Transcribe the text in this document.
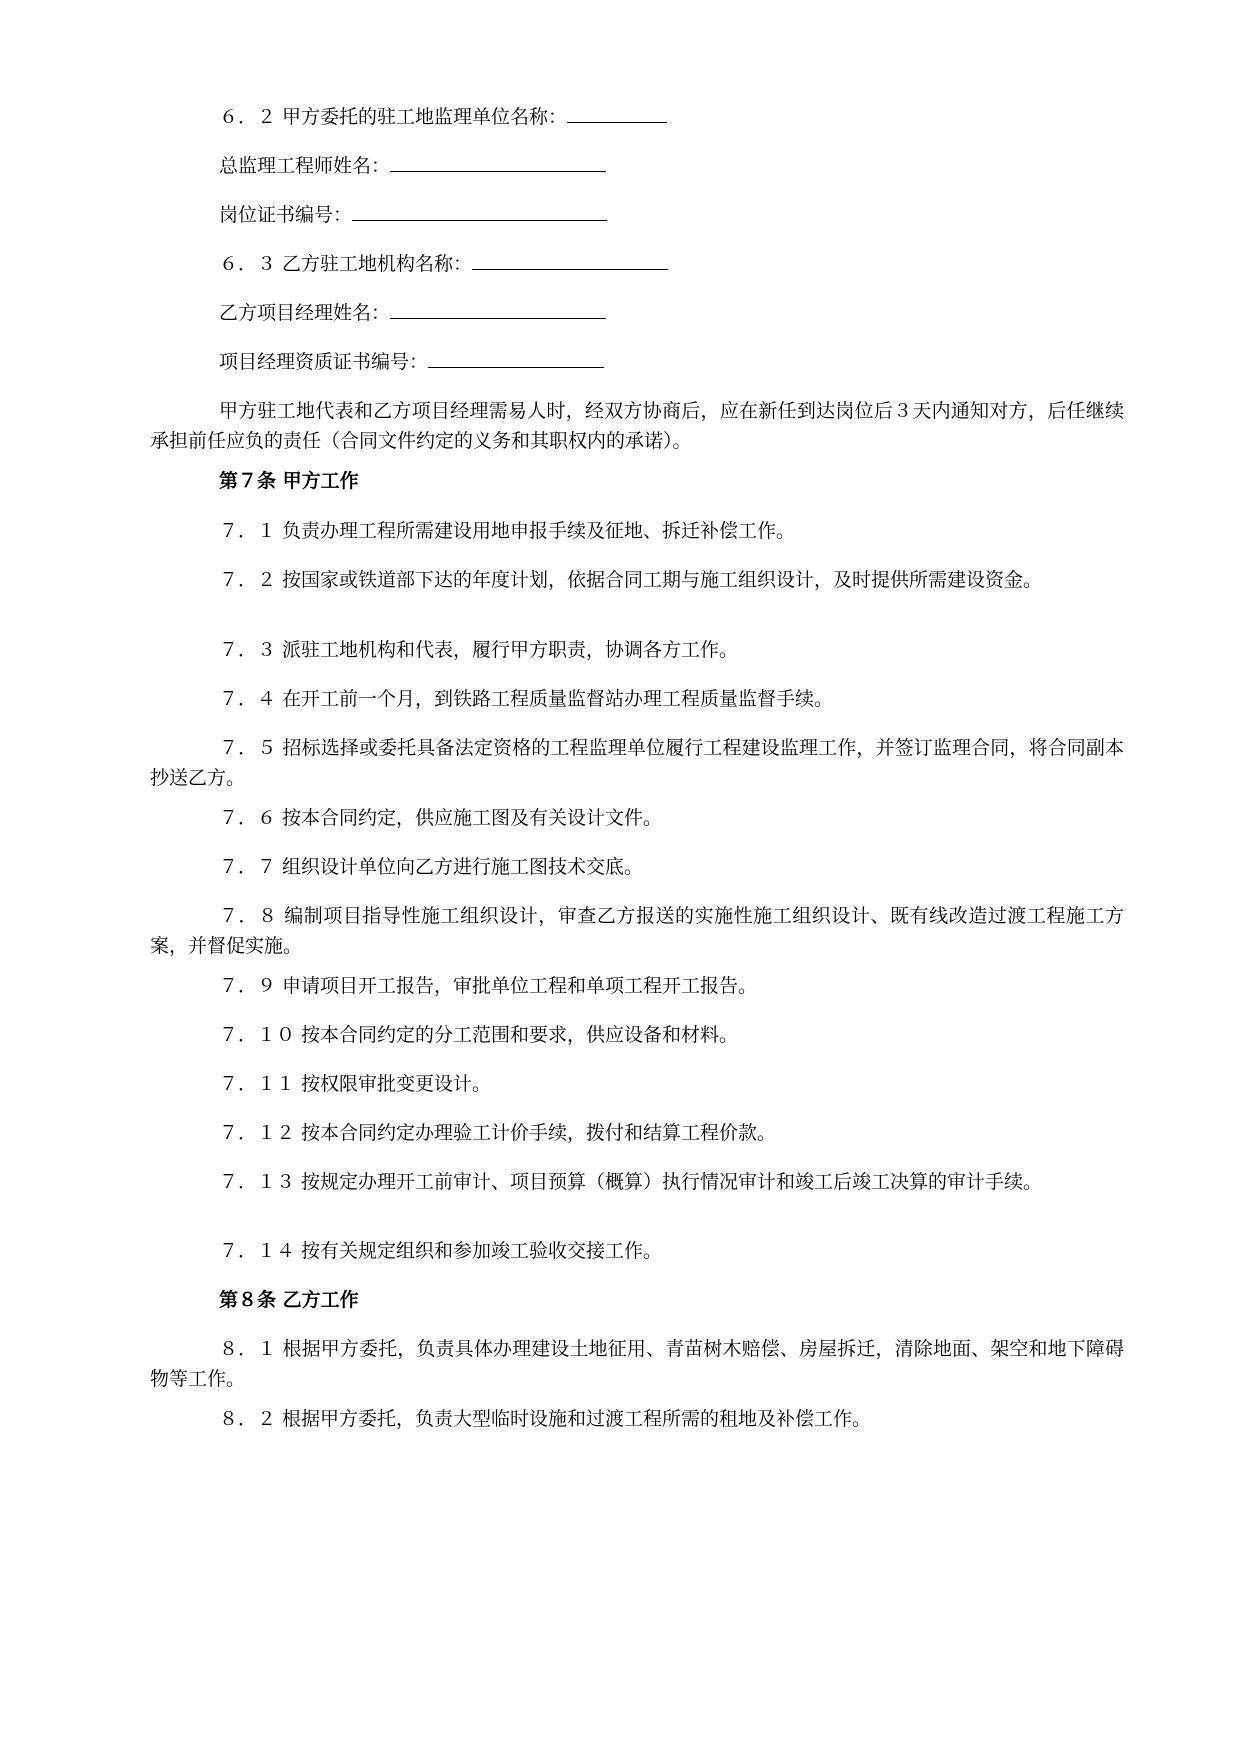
６．２ 甲方委托的驻工地监理单位名称：
总监理工程师姓名：
岗位证书编号：
６．３ 乙方驻工地机构名称：
乙方项目经理姓名：
项目经理资质证书编号：
甲方驻工地代表和乙方项目经理需易人时，经双方协商后，应在新任到达岗位后３天内通知对方，后任继续承担前任应负的责任（合同文件约定的义务和其职权内的承诺）。
第７条 甲方工作
７．１ 负责办理工程所需建设用地申报手续及征地、拆迁补偿工作。
７．２ 按国家或铁道部下达的年度计划，依据合同工期与施工组织设计，及时提供所需建设资金。
７．３ 派驻工地机构和代表，履行甲方职责，协调各方工作。
７．４ 在开工前一个月，到铁路工程质量监督站办理工程质量监督手续。
７．５ 招标选择或委托具备法定资格的工程监理单位履行工程建设监理工作，并签订监理合同，将合同副本抄送乙方。
７．６ 按本合同约定，供应施工图及有关设计文件。
７．７ 组织设计单位向乙方进行施工图技术交底。
７．８ 编制项目指导性施工组织设计，审查乙方报送的实施性施工组织设计、既有线改造过渡工程施工方案，并督促实施。
７．９ 申请项目开工报告，审批单位工程和单项工程开工报告。
７．１０ 按本合同约定的分工范围和要求，供应设备和材料。
７．１１ 按权限审批变更设计。
７．１２ 按本合同约定办理验工计价手续，拨付和结算工程价款。
７．１３ 按规定办理开工前审计、项目预算（概算）执行情况审计和竣工后竣工决算的审计手续。
７．１４ 按有关规定组织和参加竣工验收交接工作。
第８条 乙方工作
８．１ 根据甲方委托，负责具体办理建设土地征用、青苗树木赔偿、房屋拆迁，清除地面、架空和地下障碍物等工作。
８．２ 根据甲方委托，负责大型临时设施和过渡工程所需的租地及补偿工作。
